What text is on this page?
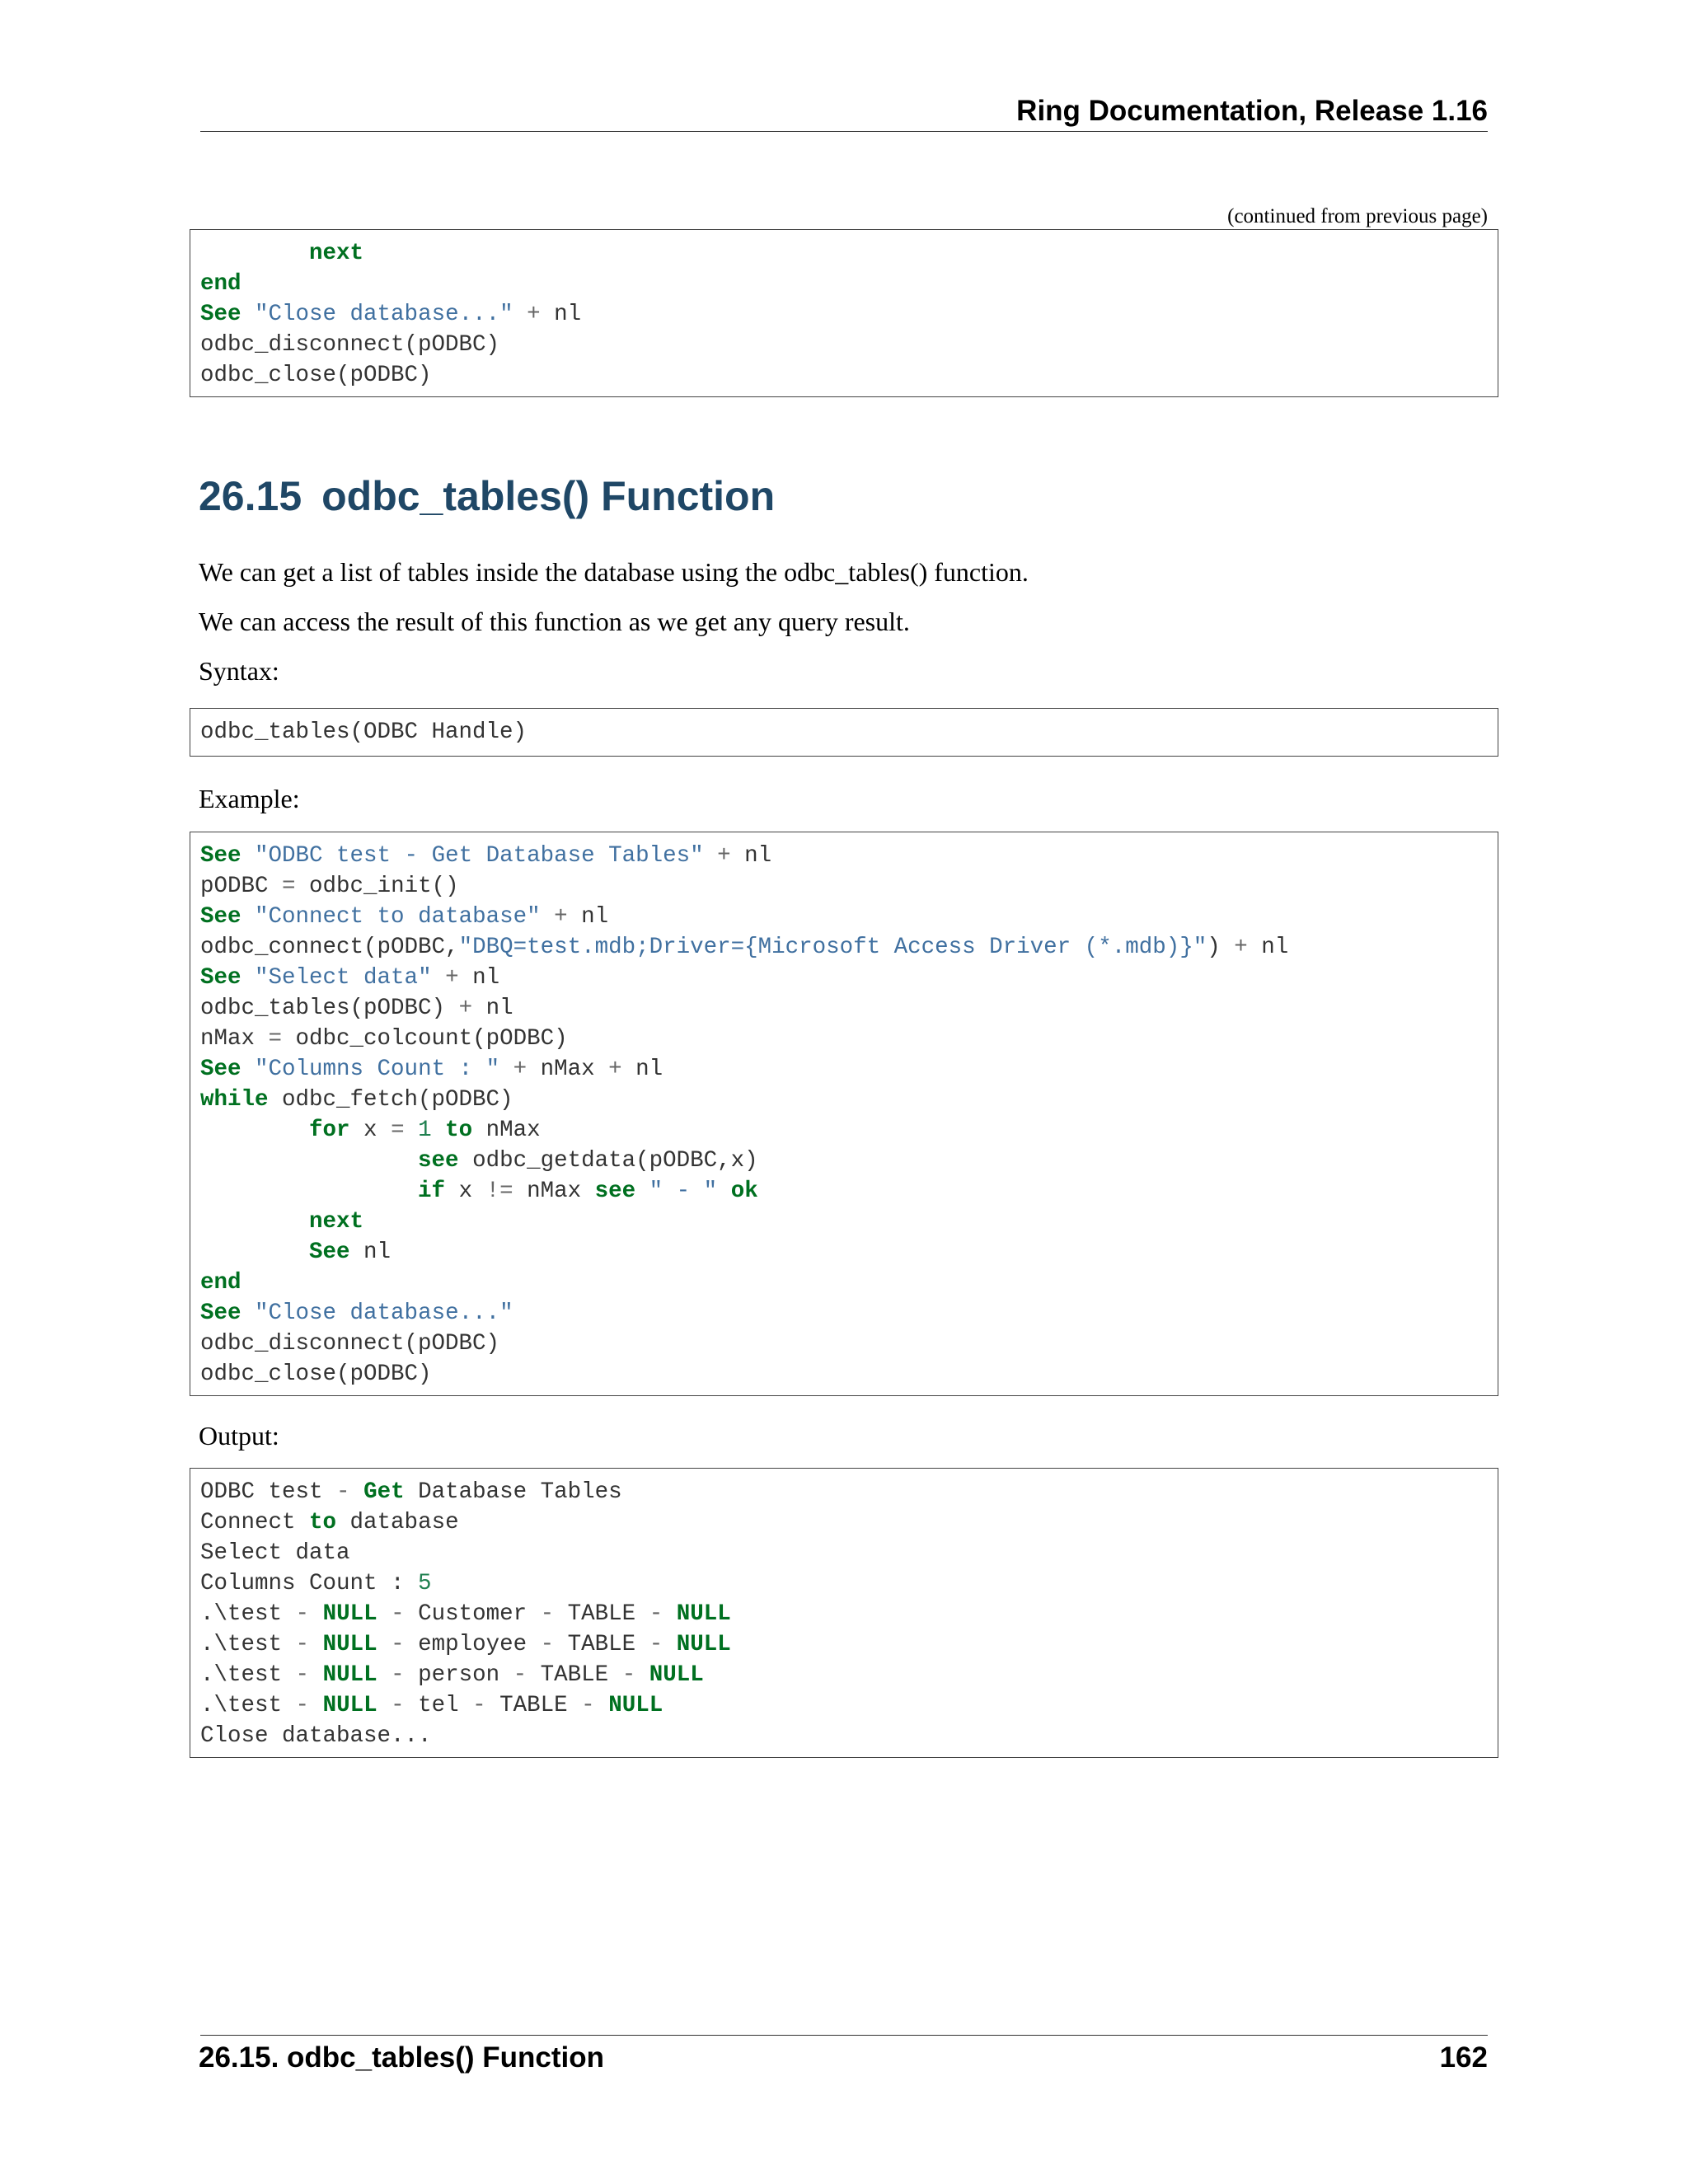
Ring Documentation, Release 1.16
(continued from previous page)
next
end
See "Close database..." + nl
odbc_disconnect(pODBC)
odbc_close(pODBC)
26.15 odbc_tables() Function

We can get a list of tables inside the database using the odbc_tables() function.

We can access the result of this function as we get any query result.

Syntax:

odbc_tables(ODBC Handle)

Example:

See "ODBC test - Get Database Tables" + nl
pODBC = odbc_init()
See "Connect to database" + nl
odbc_connect(pODBC,"DBQ=test.mdb;Driver={Microsoft Access Driver (*.mdb)}") + nl
See "Select data" + nl
odbc_tables(pODBC) + nl
nMax = odbc_colcount(pODBC)
See "Columns Count : " + nMax + nl
while odbc_fetch(pODBC)
for x = 1 to nMax
see odbc_getdata(pODBC,x)
if x != nMax see " - " ok
next
See nl
end
See "Close database..."
odbc_disconnect(pODBC)
odbc_close(pODBC)

Output:

ODBC test - Get Database Tables
Connect to database
Select data
Columns Count : 5
.\test - NULL - Customer - TABLE - NULL
.\test - NULL - employee - TABLE - NULL
.\test - NULL - person - TABLE - NULL
.\test - NULL - tel - TABLE - NULL
Close database...
26.15. odbc_tables() Function	162
